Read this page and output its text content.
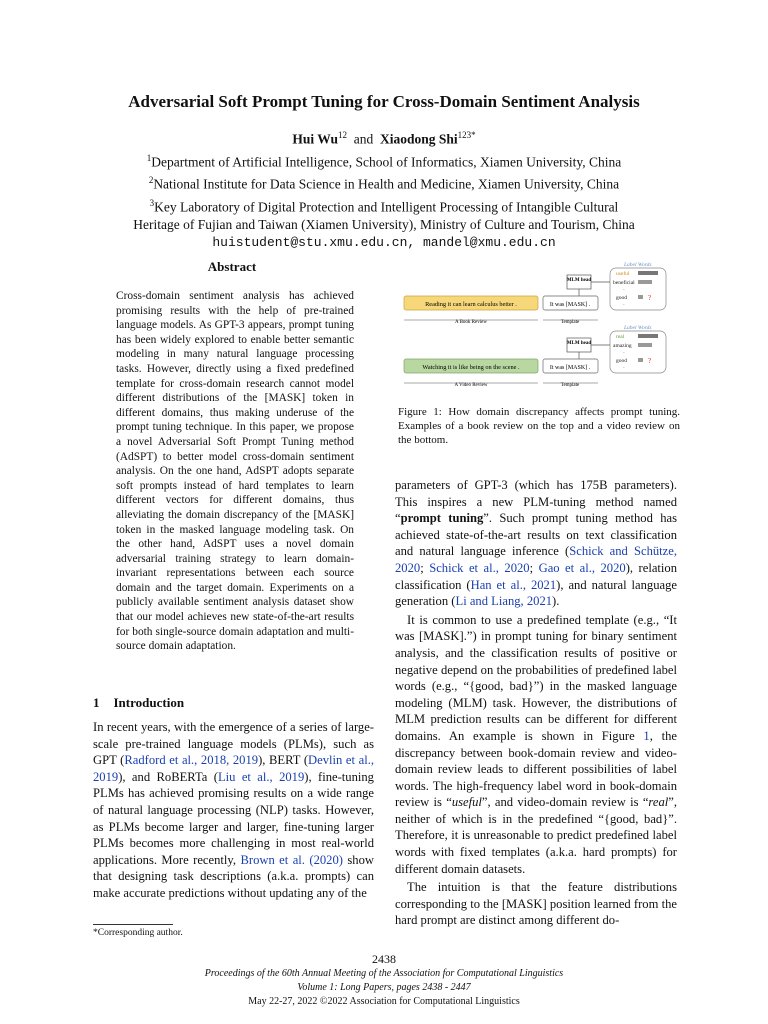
Adversarial Soft Prompt Tuning for Cross-Domain Sentiment Analysis
Hui Wu$^{12}$ and Xiaodong Shi$^{123*}$
$^1$Department of Artificial Intelligence, School of Informatics, Xiamen University, China
$^2$National Institute for Data Science in Health and Medicine, Xiamen University, China
$^3$Key Laboratory of Digital Protection and Intelligent Processing of Intangible Cultural
Heritage of Fujian and Taiwan (Xiamen University), Ministry of Culture and Tourism, China
huistudent@stu.xmu.edu.cn, mandel@xmu.edu.cn
Abstract
Cross-domain sentiment analysis has achieved promising results with the help of pre-trained language models. As GPT-3 appears, prompt tuning has been widely explored to enable better semantic modeling in many natural language processing tasks. However, directly using a fixed predefined template for cross-domain research cannot model different distributions of the [MASK] token in different domains, thus making underuse of the prompt tuning technique. In this paper, we propose a novel Adversarial Soft Prompt Tuning method (AdSPT) to better model cross-domain sentiment analysis. On the one hand, AdSPT adopts separate soft prompts instead of hard templates to learn different vectors for different domains, thus alleviating the domain discrepancy of the [MASK] token in the masked language modeling task. On the other hand, AdSPT uses a novel domain adversarial training strategy to learn domain-invariant representations between each source domain and the target domain. Experiments on a publicly available sentiment analysis dataset show that our model achieves new state-of-the-art results for both single-source domain adaptation and multi-source domain adaptation.
1 Introduction
In recent years, with the emergence of a series of large-scale pre-trained language models (PLMs), such as GPT (Radford et al., 2018, 2019), BERT (Devlin et al., 2019), and RoBERTa (Liu et al., 2019), fine-tuning PLMs has achieved promising results on a wide range of natural language processing (NLP) tasks. However, as PLMs become larger and larger, fine-tuning larger PLMs becomes more challenging in most real-world applications. More recently, Brown et al. (2020) show that designing task descriptions (a.k.a. prompts) can make accurate predictions without updating any of the
*Corresponding author.
Label Words
useful
beneficial
·
good
·
?
MLM head
Reading it can learn calculus better .	It was [MASK] .
A Book Review	Template
Label Words
real
amazing
·
good
·
?
MLM head
Watching it is like being on the scene .	It was [MASK] .
A Video Review	Template
Figure 1: How domain discrepancy affects prompt tuning. Examples of a book review on the top and a video review on the bottom.

parameters of GPT-3 (which has 175B parameters). This inspires a new PLM-tuning method named “prompt tuning”. Such prompt tuning method has achieved state-of-the-art results on text classification and natural language inference (Schick and Schütze, 2020; Schick et al., 2020; Gao et al., 2020), relation classification (Han et al., 2021), and natural language generation (Li and Liang, 2021).

It is common to use a predefined template (e.g., “It was [MASK].”) in prompt tuning for binary sentiment analysis, and the classification results of positive or negative depend on the probabilities of predefined label words (e.g., “{good, bad}”) in the masked language modeling (MLM) task. However, the distributions of MLM prediction results can be different for different domains. An example is shown in Figure 1, the discrepancy between book-domain review and video-domain review leads to different possibilities of label words. The high-frequency label word in book-domain review is “useful”, and video-domain review is “real”, neither of which is in the predefined “{good, bad}”. Therefore, it is unreasonable to predict predefined label words with fixed templates (a.k.a. hard prompts) for different domain datasets.

The intuition is that the feature distributions corresponding to the [MASK] position learned from the hard prompt are distinct among different do-

2438
Proceedings of the 60th Annual Meeting of the Association for Computational Linguistics
Volume 1: Long Papers, pages 2438 - 2447
May 22-27, 2022 ©2022 Association for Computational Linguistics
